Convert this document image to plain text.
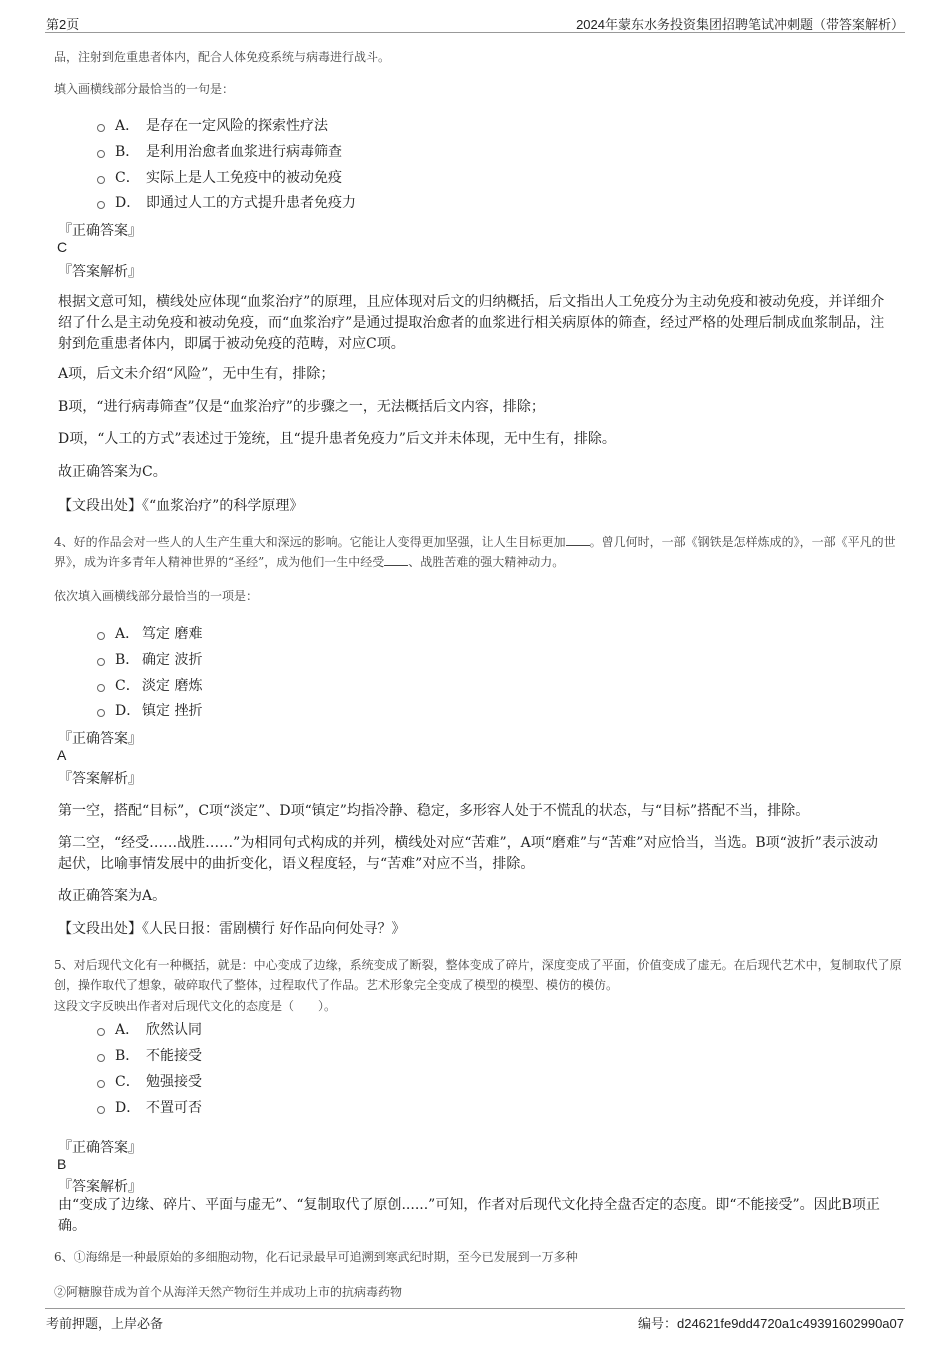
第2页	2024年蒙东水务投资集团招聘笔试冲刺题（带答案解析）
品，注射到危重患者体内，配合人体免疫系统与病毒进行战斗。
填入画横线部分最恰当的一句是：
A． 是存在一定风险的探索性疗法
B． 是利用治愈者血浆进行病毒筛查
C． 实际上是人工免疫中的被动免疫
D． 即通过人工的方式提升患者免疫力
『正确答案』
C
『答案解析』
根据文意可知，横线处应体现“血浆治疗”的原理，且应体现对后文的归纳概括，后文指出人工免疫分为主动免疫和被动免疫，并详细介绍了什么是主动免疫和被动免疫，而“血浆治疗”是通过提取治愈者的血浆进行相关病原体的筛查，经过严格的处理后制成血浆制品，注射到危重患者体内，即属于被动免疫的范畴，对应C项。
A项，后文未介绍“风险”，无中生有，排除；
B项，“进行病毒筛查”仅是“血浆治疗”的步骤之一，无法概括后文内容，排除；
D项，“人工的方式”表述过于笼统，且“提升患者免疫力”后文并未体现，无中生有，排除。
故正确答案为C。
【文段出处】《“血浆治疗”的科学原理》
4、好的作品会对一些人的人生产生重大和深远的影响。它能让人变得更加坚强，让人生目标更加 。曾几何时，一部《钢铁是怎样炼成的》，一部《平凡的世界》，成为许多青年人精神世界的“圣经”，成为他们一生中经受 、战胜苦难的强大精神动力。
依次填入画横线部分最恰当的一项是：
A． 笃定 磨难
B． 确定 波折
C． 淡定 磨炼
D． 镇定 挫折
『正确答案』
A
『答案解析』
第一空，搭配“目标”，C项“淡定”、D项“镇定”均指冷静、稳定，多形容人处于不慌乱的状态，与“目标”搭配不当，排除。
第二空，“经受……战胜……”为相同句式构成的并列，横线处对应“苦难”，A项“磨难”与“苦难”对应恰当，当选。B项“波折”表示波动起伏，比喻事情发展中的曲折变化，语义程度轻，与“苦难”对应不当，排除。
故正确答案为A。
【文段出处】《人民日报：雷剧横行 好作品向何处寻？》
5、对后现代文化有一种概括，就是：中心变成了边缘，系统变成了断裂，整体变成了碎片，深度变成了平面，价值变成了虚无。在后现代艺术中，复制取代了原创，操作取代了想象，破碎取代了整体，过程取代了作品。艺术形象完全变成了模型的模型、模仿的模仿。
这段文字反映出作者对后现代文化的态度是（　　）。
A． 欣然认同
B． 不能接受
C． 勉强接受
D． 不置可否
『正确答案』
B
『答案解析』
由“变成了边缘、碎片、平面与虚无”、“复制取代了原创......”可知，作者对后现代文化持全盘否定的态度。即“不能接受”。因此B项正确。
6、①海绵是一种最原始的多细胞动物，化石记录最早可追溯到寒武纪时期，至今已发展到一万多种
②阿糖腺苷成为首个从海洋天然产物衍生并成功上市的抗病毒药物
考前押题，上岸必备	编号：d24621fe9dd4720a1c49391602990a07
